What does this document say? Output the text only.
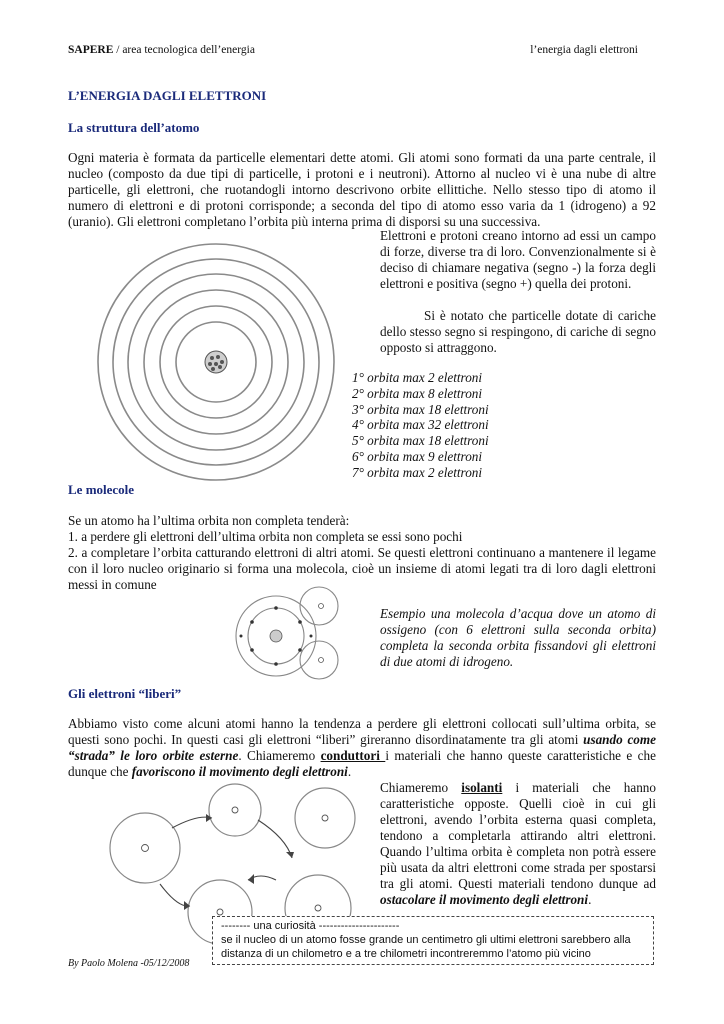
SAPERE / area tecnologica dell’energia	l’energia dagli elettroni
L’ENERGIA DAGLI ELETTRONI
La struttura dell’atomo
Ogni materia è formata da particelle elementari dette atomi. Gli atomi sono formati da una parte centrale, il nucleo (composto da due tipi di particelle, i protoni e i neutroni). Attorno al nucleo vi è una nube di altre particelle, gli elettroni, che ruotandogli intorno descrivono orbite ellittiche. Nello stesso tipo di atomo il numero di elettroni e di protoni corrisponde; a seconda del tipo di atomo esso varia da 1 (idrogeno) a 92 (uranio). Gli elettroni completano l’orbita più interna prima di disporsi su una successiva.
Elettroni e protoni creano intorno ad essi un campo di forze, diverse tra di loro. Convenzionalmente si è deciso di chiamare negativa (segno -) la forza degli elettroni e positiva (segno +) quella dei protoni.
Si è notato che particelle dotate di cariche dello stesso segno si respingono, di cariche di segno opposto si attraggono.
1° orbita max 2 elettroni
2° orbita max 8 elettroni
3° orbita max 18 elettroni
4° orbita max 32 elettroni
5° orbita max 18 elettroni
6° orbita max 9 elettroni
7° orbita max 2 elettroni
Le molecole
Se un atomo ha l’ultima orbita non completa tenderà:
1. a perdere gli elettroni dell’ultima orbita non completa se essi sono pochi
2. a completare l’orbita catturando elettroni di altri atomi. Se questi elettroni continuano a mantenere il legame con il loro nucleo originario si forma una molecola, cioè un insieme di atomi legati tra di loro dagli elettroni messi in comune
Esempio una molecola d’acqua dove un atomo di ossigeno (con 6 elettroni sulla seconda orbita) completa la seconda orbita fissandovi gli elettroni di due atomi di idrogeno.
Gli elettroni “liberi”
Abbiamo visto come alcuni atomi hanno la tendenza a perdere gli elettroni collocati sull’ultima orbita, se questi sono pochi. In questi casi gli elettroni “liberi” gireranno disordinatamente tra gli atomi usando come “strada” le loro orbite esterne. Chiameremo conduttori i materiali che hanno queste caratteristiche e che dunque che favoriscono il movimento degli elettroni.
Chiameremo isolanti i materiali che hanno caratteristiche opposte. Quelli cioè in cui gli elettroni, avendo l’orbita esterna quasi completa, tendono a completarla attirando altri elettroni. Quando l’ultima orbita è completa non potrà essere più usata da altri elettroni come strada per spostarsi tra gli atomi. Questi materiali tendono dunque ad ostacolare il movimento degli elettroni.
-------- una curiosità ----------------------
se il nucleo di un atomo fosse grande un centimetro gli ultimi elettroni sarebbero alla distanza di un chilometro e a tre chilometri incontreremmo l’atomo più vicino
By Paolo Molena -05/12/2008
